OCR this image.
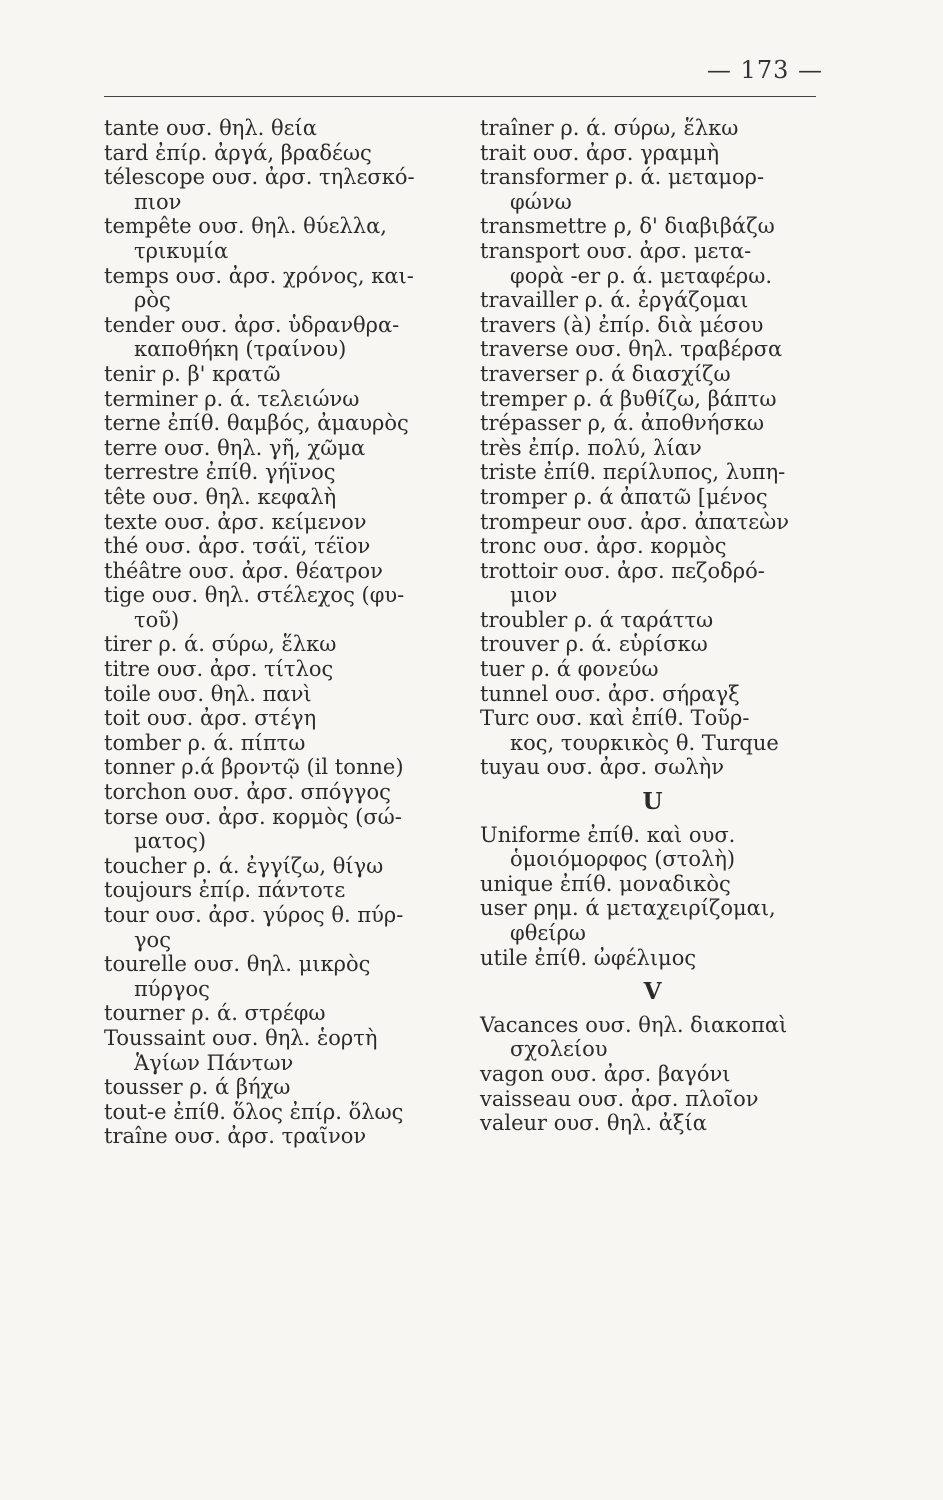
— 173 —
tante ουσ. θηλ. θεία
tard ἐπίρ. ἀργά, βραδέως
télescope ουσ. ἀρσ. τηλεσκό-
πιον
tempête ουσ. θηλ. θύελλα,
τρικυμία
temps ουσ. ἀρσ. χρόνος, και-
ρὸς
tender ουσ. ἀρσ. ὑδρανθρα-
καποθήκη (τραίνου)
tenir ρ. β' κρατῶ
terminer ρ. ά. τελειώνω
terne ἐπίθ. θαμβός, ἀμαυρὸς
terre ουσ. θηλ. γῆ, χῶμα
terrestre ἐπίθ. γήϊνος
tête ουσ. θηλ. κεφαλὴ
texte ουσ. ἀρσ. κείμενον
thé ουσ. ἀρσ. τσάϊ, τέϊον
théâtre ουσ. ἀρσ. θέατρον
tige ουσ. θηλ. στέλεχος (φυ-
τοῦ)
tirer ρ. ά. σύρω, ἕλκω
titre ουσ. ἀρσ. τίτλος
toile ουσ. θηλ. πανὶ
toit ουσ. ἀρσ. στέγη
tomber ρ. ά. πίπτω
tonner ρ.ά βροντῷ (il tonne)
torchon ουσ. ἀρσ. σπόγγος
torse ουσ. ἀρσ. κορμὸς (σώ-
ματος)
toucher ρ. ά. ἐγγίζω, θίγω
toujours ἐπίρ. πάντοτε
tour ουσ. ἀρσ. γύρος θ. πύρ-
γος
tourelle ουσ. θηλ. μικρὸς
πύργος
tourner ρ. ά. στρέφω
Toussaint ουσ. θηλ. ἑορτὴ
Ἁγίων Πάντων
tousser ρ. ά βήχω
tout-e ἐπίθ. ὅλος ἐπίρ. ὅλως
traîne ουσ. ἀρσ. τραῖνον
traîner ρ. ά. σύρω, ἕλκω
trait ουσ. ἀρσ. γραμμὴ
transformer ρ. ά. μεταμορ-
φώνω
transmettre ρ, δ' διαβιβάζω
transport ουσ. ἀρσ. μετα-
φορὰ -er ρ. ά. μεταφέρω.
travailler ρ. ά. ἐργάζομαι
travers (à) ἐπίρ. διὰ μέσου
traverse ουσ. θηλ. τραβέρσα
traverser ρ. ά διασχίζω
tremper ρ. ά βυθίζω, βάπτω
trépasser ρ, ά. ἀποθνήσκω
très ἐπίρ. πολύ, λίαν
triste ἐπίθ. περίλυπος, λυπη-
tromper ρ. ά ἀπατῶ [μένος
trompeur ουσ. ἀρσ. ἀπατεὼν
tronc ουσ. ἀρσ. κορμὸς
trottoir ουσ. ἀρσ. πεζοδρό-
μιον
troubler ρ. ά ταράττω
trouver ρ. ά. εὑρίσκω
tuer ρ. ά φονεύω
tunnel ουσ. ἀρσ. σήραγξ
Turc ουσ. καὶ ἐπίθ. Τοῦρ-
κος, τουρκικὸς θ. Turque
tuyau ουσ. ἀρσ. σωλὴν
U
Uniforme ἐπίθ. καὶ ουσ.
ὁμοιόμορφος (στολὴ)
unique ἐπίθ. μοναδικὸς
user ρημ. ά μεταχειρίζομαι,
φθείρω
utile ἐπίθ. ὠφέλιμος
V
Vacances ουσ. θηλ. διακοπαὶ
σχολείου
vagon ουσ. ἀρσ. βαγόνι
vaisseau ουσ. ἀρσ. πλοῖον
valeur ουσ. θηλ. ἀξία
